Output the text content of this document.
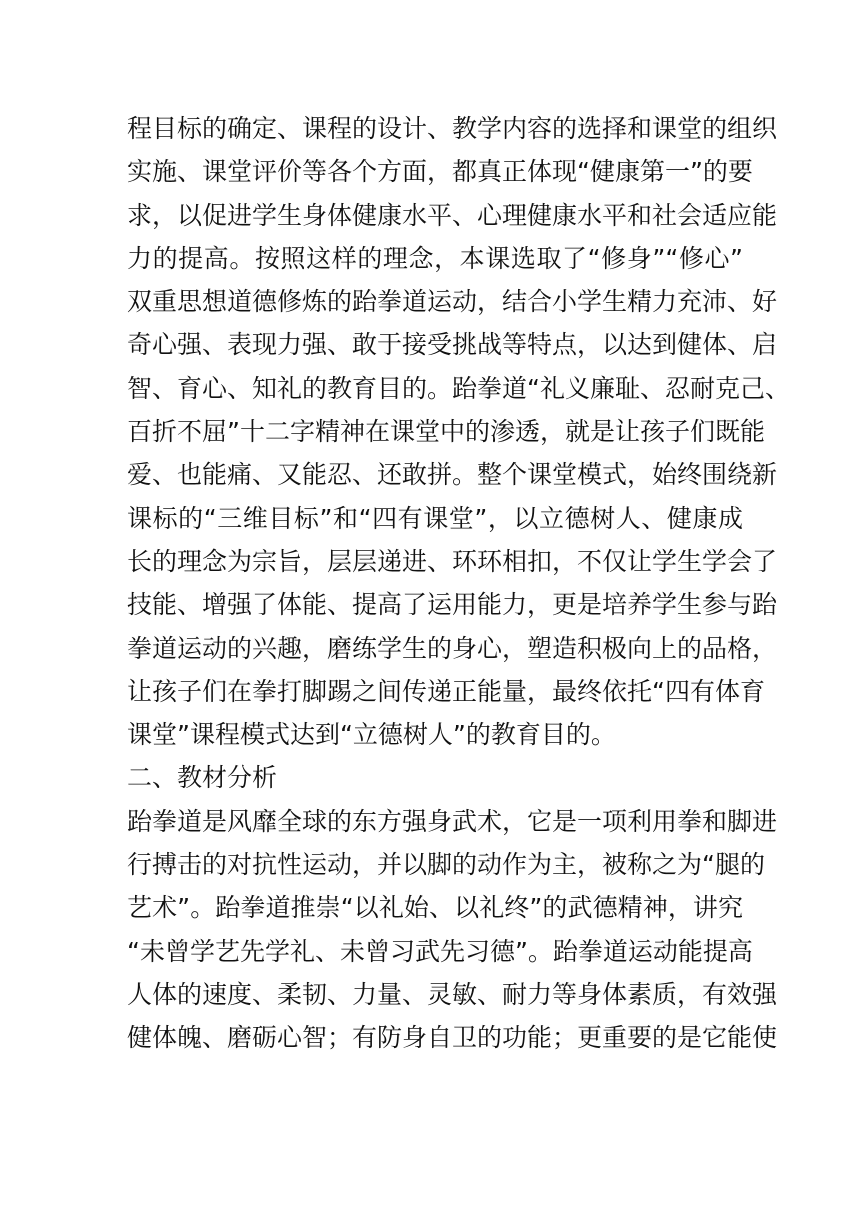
程目标的确定、课程的设计、教学内容的选择和课堂的组织
实施、课堂评价等各个方面，都真正体现“健康第一”的要
求，以促进学生身体健康水平、心理健康水平和社会适应能
力的提高。按照这样的理念，本课选取了“修身”“修心”
双重思想道德修炼的跆拳道运动，结合小学生精力充沛、好
奇心强、表现力强、敢于接受挑战等特点，以达到健体、启
智、育心、知礼的教育目的。跆拳道“礼义廉耻、忍耐克己、
百折不屈”十二字精神在课堂中的渗透，就是让孩子们既能
爱、也能痛、又能忍、还敢拼。整个课堂模式，始终围绕新
课标的“三维目标”和“四有课堂”，以立德树人、健康成
长的理念为宗旨，层层递进、环环相扣，不仅让学生学会了
技能、增强了体能、提高了运用能力，更是培养学生参与跆
拳道运动的兴趣，磨练学生的身心，塑造积极向上的品格，
让孩子们在拳打脚踢之间传递正能量，最终依托“四有体育
课堂”课程模式达到“立德树人”的教育目的。
二、教材分析
跆拳道是风靡全球的东方强身武术，它是一项利用拳和脚进
行搏击的对抗性运动，并以脚的动作为主，被称之为“腿的
艺术”。跆拳道推崇“以礼始、以礼终”的武德精神，讲究
“未曾学艺先学礼、未曾习武先习德”。跆拳道运动能提高
人体的速度、柔韧、力量、灵敏、耐力等身体素质，有效强
健体魄、磨砺心智；有防身自卫的功能；更重要的是它能使
